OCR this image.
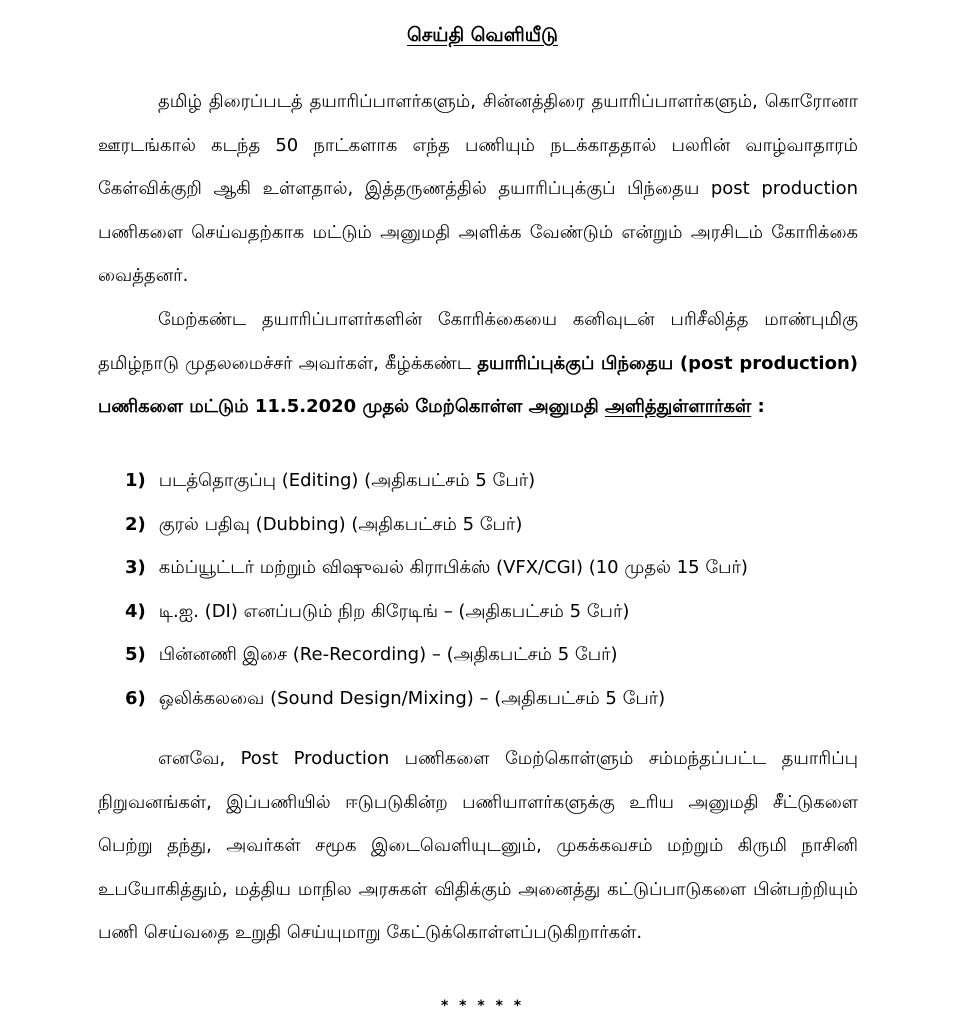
செய்தி வெளியீடு

தமிழ் திரைப்படத் தயாரிப்பாளர்களும், சின்னத்திரை தயாரிப்பாளர்களும், கொரோனா ஊரடங்கால் கடந்த 50 நாட்களாக எந்த பணியும் நடக்காததால் பலரின் வாழ்வாதாரம் கேள்விக்குறி ஆகி உள்ளதால், இத்தருணத்தில் தயாரிப்புக்குப் பிந்தைய post production பணிகளை செய்வதற்காக மட்டும் அனுமதி அளிக்க வேண்டும் என்றும் அரசிடம் கோரிக்கை வைத்தனர்.

மேற்கண்ட தயாரிப்பாளர்களின் கோரிக்கையை கனிவுடன் பரிசீலித்த மாண்புமிகு தமிழ்நாடு முதலமைச்சர் அவர்கள், கீழ்க்கண்ட தயாரிப்புக்குப் பிந்தைய (post production) பணிகளை மட்டும் 11.5.2020 முதல் மேற்கொள்ள அனுமதி அளித்துள்ளார்கள் :

1) படத்தொகுப்பு (Editing) (அதிகபட்சம் 5 பேர்)
2) குரல் பதிவு (Dubbing) (அதிகபட்சம் 5 பேர்)
3) கம்ப்யூட்டர் மற்றும் விஷுவல் கிராபிக்ஸ் (VFX/CGI) (10 முதல் 15 பேர்)
4) டி.ஐ. (DI) எனப்படும் நிற கிரேடிங் – (அதிகபட்சம் 5 பேர்)
5) பின்னணி இசை (Re-Recording) – (அதிகபட்சம் 5 பேர்)
6) ஒலிக்கலவை (Sound Design/Mixing) – (அதிகபட்சம் 5 பேர்)

எனவே, Post Production பணிகளை மேற்கொள்ளும் சம்மந்தப்பட்ட தயாரிப்பு நிறுவனங்கள், இப்பணியில் ஈடுபடுகின்ற பணியாளர்களுக்கு உரிய அனுமதி சீட்டுகளை பெற்று தந்து, அவர்கள் சமூக இடைவெளியுடனும், முகக்கவசம் மற்றும் கிருமி நாசினி உபயோகித்தும், மத்திய மாநில அரசுகள் விதிக்கும் அனைத்து கட்டுப்பாடுகளை பின்பற்றியும் பணி செய்வதை உறுதி செய்யுமாறு கேட்டுக்கொள்ளப்படுகிறார்கள்.

* * * * *
